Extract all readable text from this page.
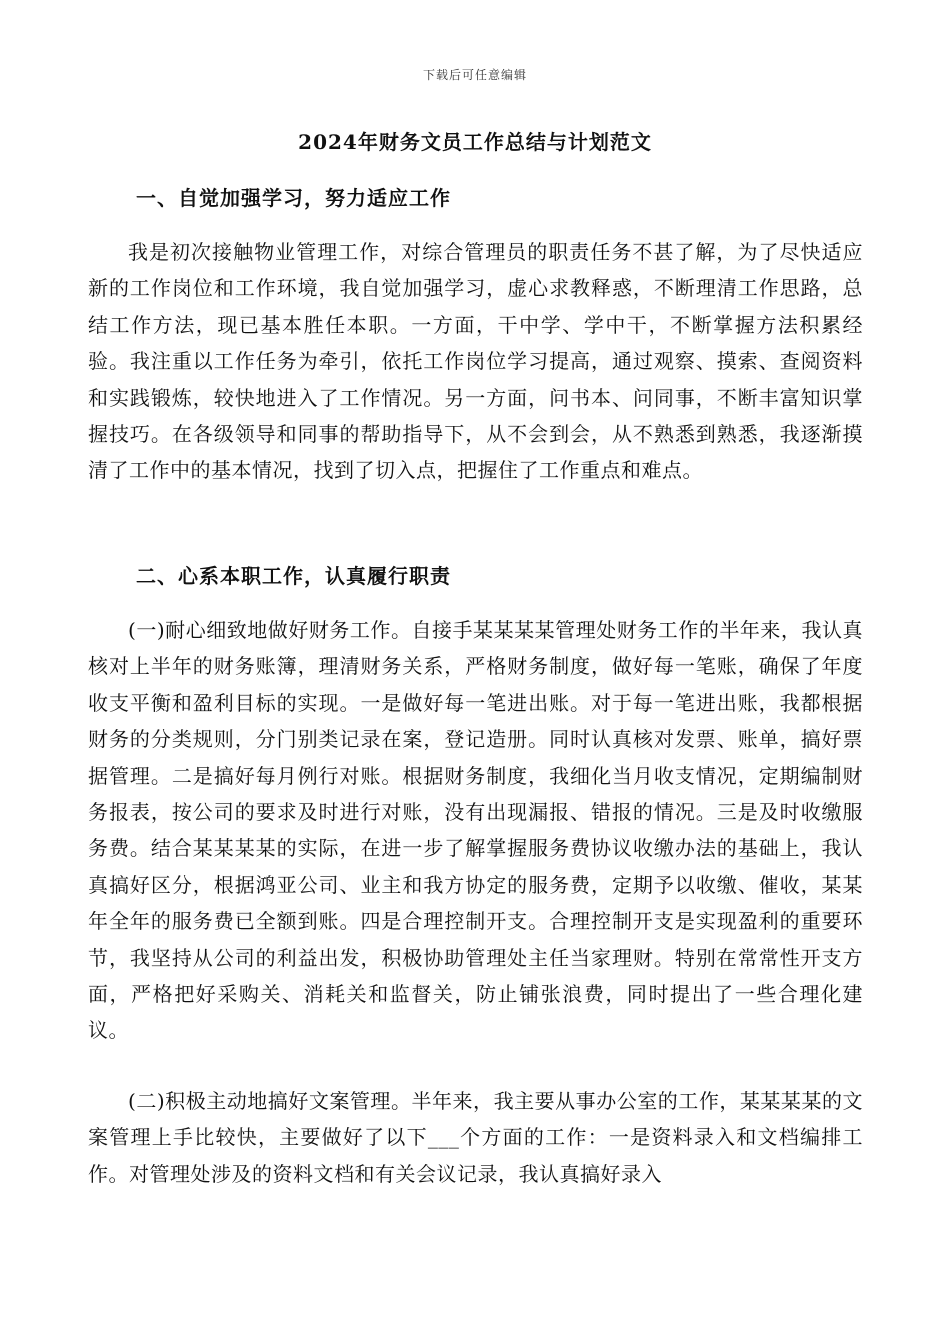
下载后可任意编辑
2024年财务文员工作总结与计划范文

一、自觉加强学习，努力适应工作

我是初次接触物业管理工作，对综合管理员的职责任务不甚了解，为了尽快适应新的工作岗位和工作环境，我自觉加强学习，虚心求教释惑，不断理清工作思路，总结工作方法，现已基本胜任本职。一方面，干中学、学中干，不断掌握方法积累经验。我注重以工作任务为牵引，依托工作岗位学习提高，通过观察、摸索、查阅资料和实践锻炼，较快地进入了工作情况。另一方面，问书本、问同事，不断丰富知识掌握技巧。在各级领导和同事的帮助指导下，从不会到会，从不熟悉到熟悉，我逐渐摸清了工作中的基本情况，找到了切入点，把握住了工作重点和难点。

二、心系本职工作，认真履行职责

(一)耐心细致地做好财务工作。自接手某某某某管理处财务工作的半年来，我认真核对上半年的财务账簿，理清财务关系，严格财务制度，做好每一笔账，确保了年度收支平衡和盈利目标的实现。一是做好每一笔进出账。对于每一笔进出账，我都根据财务的分类规则，分门别类记录在案，登记造册。同时认真核对发票、账单，搞好票据管理。二是搞好每月例行对账。根据财务制度，我细化当月收支情况，定期编制财务报表，按公司的要求及时进行对账，没有出现漏报、错报的情况。三是及时收缴服务费。结合某某某某的实际，在进一步了解掌握服务费协议收缴办法的基础上，我认真搞好区分，根据鸿亚公司、业主和我方协定的服务费，定期予以收缴、催收，某某年全年的服务费已全额到账。四是合理控制开支。合理控制开支是实现盈利的重要环节，我坚持从公司的利益出发，积极协助管理处主任当家理财。特别在常常性开支方面，严格把好采购关、消耗关和监督关，防止铺张浪费，同时提出了一些合理化建议。

(二)积极主动地搞好文案管理。半年来，我主要从事办公室的工作，某某某某的文案管理上手比较快，主要做好了以下___个方面的工作：一是资料录入和文档编排工作。对管理处涉及的资料文档和有关会议记录，我认真搞好录入
